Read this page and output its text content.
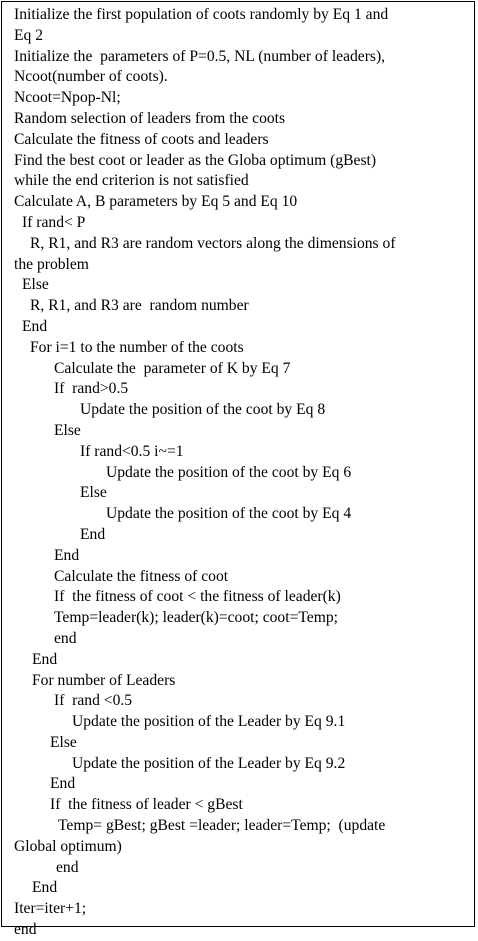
Initialize the first population of coots randomly by Eq 1 and
Eq 2
Initialize the  parameters of P=0.5, NL (number of leaders),
Ncoot(number of coots).
Ncoot=Npop-Nl;
Random selection of leaders from the coots
Calculate the fitness of coots and leaders
Find the best coot or leader as the Globa optimum (gBest)
while the end criterion is not satisfied
Calculate A, B parameters by Eq 5 and Eq 10
If rand< P
R, R1, and R3 are random vectors along the dimensions of
the problem
Else
R, R1, and R3 are  random number
End
For i=1 to the number of the coots
Calculate the  parameter of K by Eq 7
If  rand>0.5
Update the position of the coot by Eq 8
Else
If rand<0.5 i~=1
Update the position of the coot by Eq 6
Else
Update the position of the coot by Eq 4
End
End
Calculate the fitness of coot
If  the fitness of coot < the fitness of leader(k)
Temp=leader(k); leader(k)=coot; coot=Temp;
end
End
For number of Leaders
If  rand <0.5
Update the position of the Leader by Eq 9.1
Else
Update the position of the Leader by Eq 9.2
End
If  the fitness of leader < gBest
Temp= gBest; gBest =leader; leader=Temp;  (update
Global optimum)
end
End
Iter=iter+1;
end
